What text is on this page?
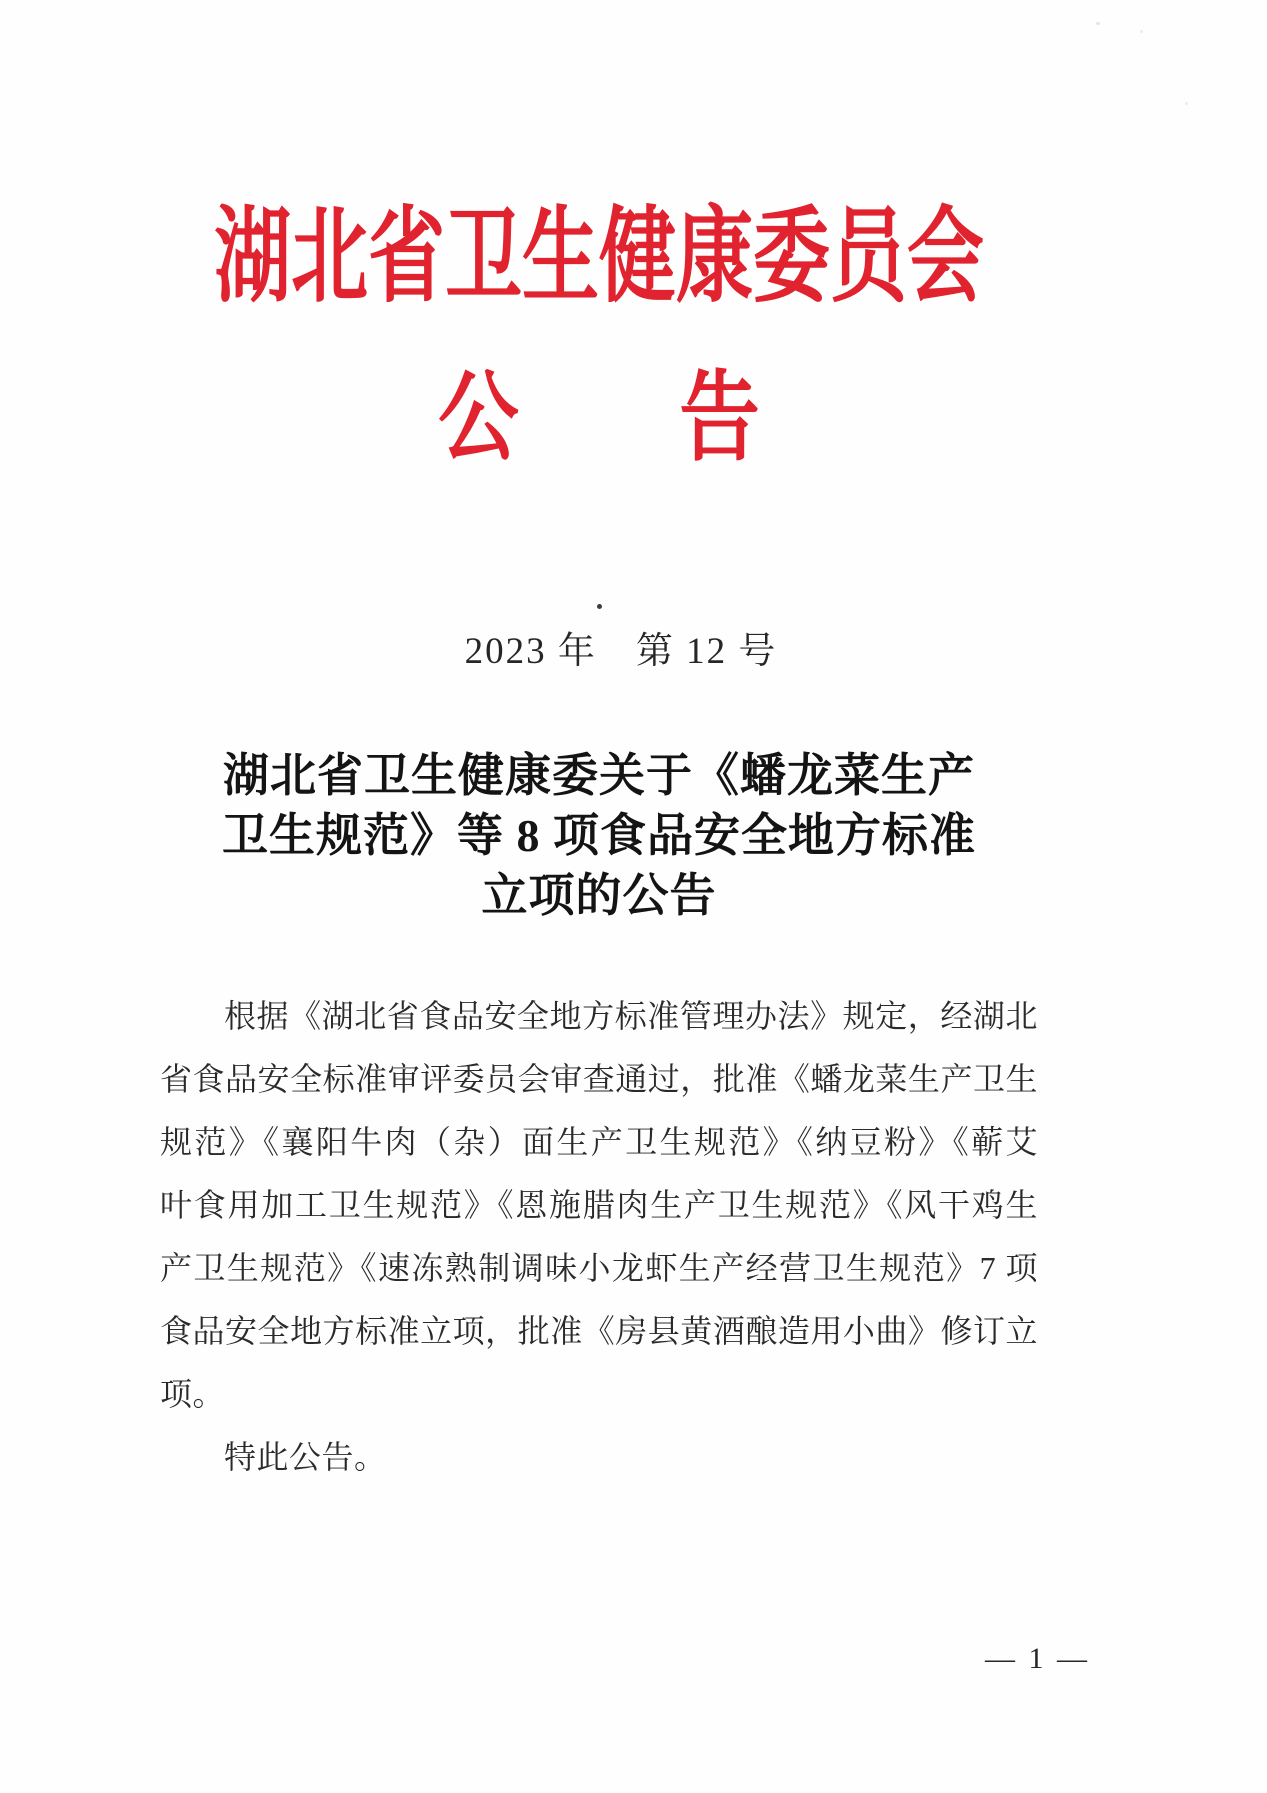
湖北省卫生健康委员会
公　　告
2023 年　第 12 号
湖北省卫生健康委关于《蟠龙菜生产
卫生规范》等 8 项食品安全地方标准
立项的公告
根据《湖北省食品安全地方标准管理办法》规定，经湖北
省食品安全标准审评委员会审查通过，批准《蟠龙菜生产卫生
规范》《襄阳牛肉（杂）面生产卫生规范》《纳豆粉》《蕲艾
叶食用加工卫生规范》《恩施腊肉生产卫生规范》《风干鸡生
产卫生规范》《速冻熟制调味小龙虾生产经营卫生规范》7 项
食品安全地方标准立项，批准《房县黄酒酿造用小曲》修订立
项。
特此公告。
— 1 —
